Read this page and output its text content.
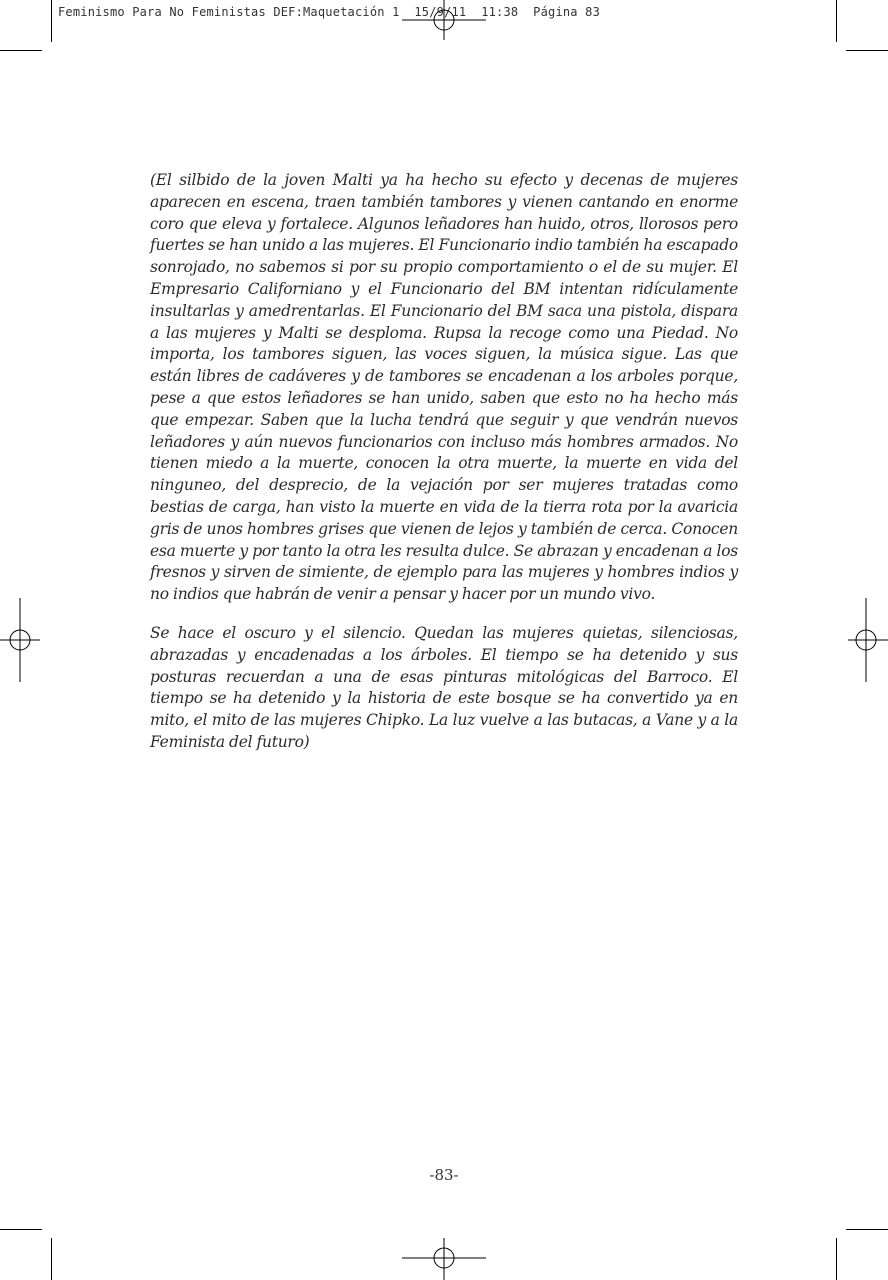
Feminismo Para No Feministas DEF:Maquetación 1  15/9/11  11:38  Página 83

(El silbido de la joven Malti ya ha hecho su efecto y decenas de mujeres aparecen en escena, traen también tambores y vienen cantando en enorme coro que eleva y fortalece. Algunos leñadores han huido, otros, llorosos pero fuertes se han unido a las mujeres. El Funcionario indio también ha escapado sonrojado, no sabemos si por su propio comportamiento o el de su mujer. El Empresario Californiano y el Funcionario del BM intentan ridículamente insultarlas y amedrentarlas. El Funcionario del BM saca una pistola, dispara a las mujeres y Malti se desploma. Rupsa la recoge como una Piedad. No importa, los tambores siguen, las voces siguen, la música sigue. Las que están libres de cadáveres y de tambores se encadenan a los arboles porque, pese a que estos leñadores se han unido, saben que esto no ha hecho más que empezar. Saben que la lucha tendrá que seguir y que vendrán nuevos leñadores y aún nuevos funcionarios con incluso más hombres armados. No tienen miedo a la muerte, conocen la otra muerte, la muerte en vida del ninguneo, del desprecio, de la vejación por ser mujeres tratadas como bestias de carga, han visto la muerte en vida de la tierra rota por la avaricia gris de unos hombres grises que vienen de lejos y también de cerca. Conocen esa muerte y por tanto la otra les resulta dulce. Se abrazan y encadenan a los fresnos y sirven de simiente, de ejemplo para las mujeres y hombres indios y no indios que habrán de venir a pensar y hacer por un mundo vivo.

Se hace el oscuro y el silencio. Quedan las mujeres quietas, silenciosas, abrazadas y encadenadas a los árboles. El tiempo se ha detenido y sus posturas recuerdan a una de esas pinturas mitológicas del Barroco. El tiempo se ha detenido y la historia de este bosque se ha convertido ya en mito, el mito de las mujeres Chipko. La luz vuelve a las butacas, a Vane y a la Feminista del futuro)

-83-
